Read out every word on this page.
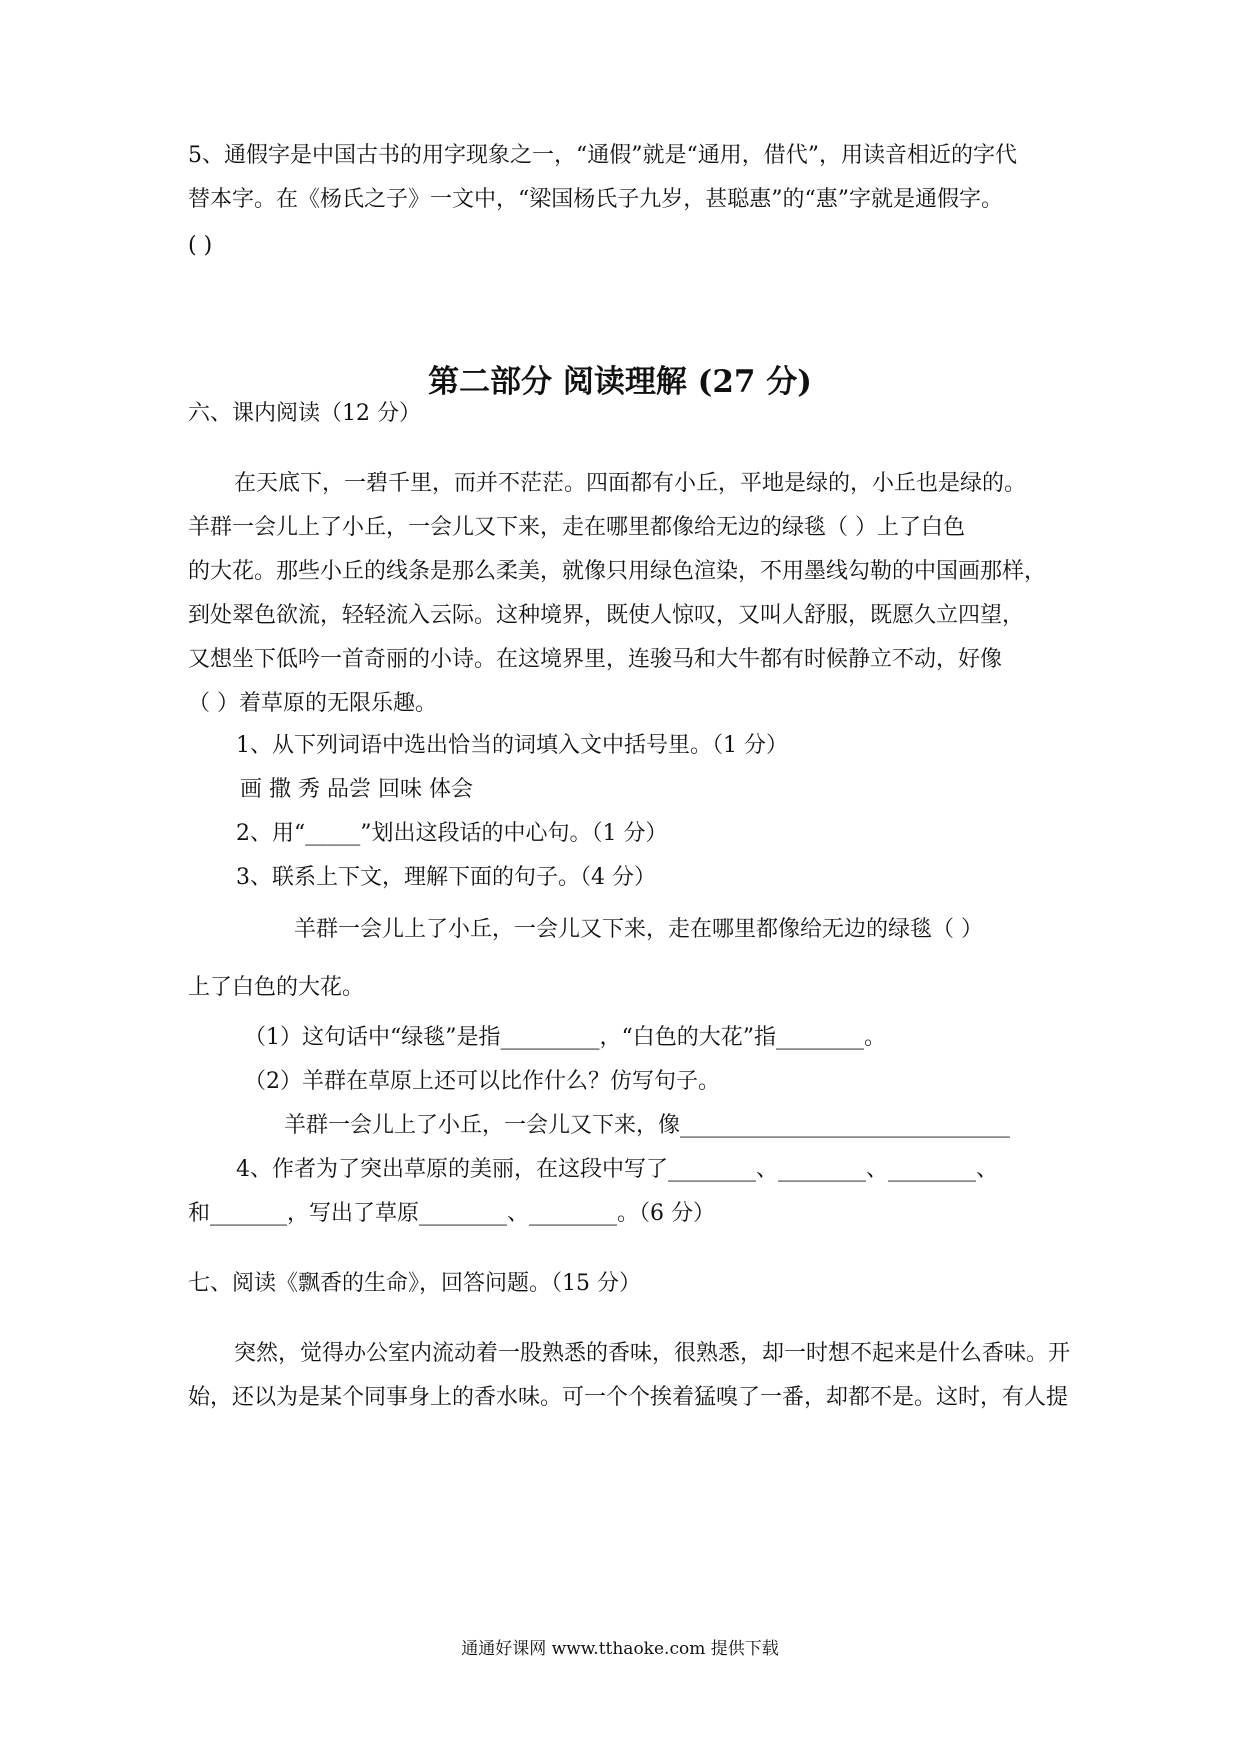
5、通假字是中国古书的用字现象之一，“通假”就是“通用，借代”，用读音相近的字代
替本字。在《杨氏之子》一文中，“梁国杨氏子九岁，甚聪惠”的“惠”字就是通假字。
( )
第二部分 阅读理解 (27 分)
六、课内阅读（12 分）
在天底下，一碧千里，而并不茫茫。四面都有小丘，平地是绿的，小丘也是绿的。
羊群一会儿上了小丘，一会儿又下来，走在哪里都像给无边的绿毯（ ）上了白色
的大花。那些小丘的线条是那么柔美，就像只用绿色渲染，不用墨线勾勒的中国画那样，
到处翠色欲流，轻轻流入云际。这种境界，既使人惊叹，又叫人舒服，既愿久立四望，
又想坐下低吟一首奇丽的小诗。在这境界里，连骏马和大牛都有时候静立不动，好像
（ ）着草原的无限乐趣。
1、从下列词语中选出恰当的词填入文中括号里。（1 分）
画 撒 秀 品尝 回味 体会
2、用“_____”划出这段话的中心句。（1 分）
3、联系上下文，理解下面的句子。（4 分）
羊群一会儿上了小丘，一会儿又下来，走在哪里都像给无边的绿毯（ ）
上了白色的大花。
（1）这句话中“绿毯”是指_________，“白色的大花”指________。
（2）羊群在草原上还可以比作什么？仿写句子。
羊群一会儿上了小丘，一会儿又下来，像______________________________
4、作者为了突出草原的美丽，在这段中写了________、________、________、
和_______，写出了草原________、________。（6 分）
七、阅读《飘香的生命》，回答问题。（15 分）
突然，觉得办公室内流动着一股熟悉的香味，很熟悉，却一时想不起来是什么香味。开
始，还以为是某个同事身上的香水味。可一个个挨着猛嗅了一番，却都不是。这时，有人提
通通好课网 www.tthaoke.com 提供下载
